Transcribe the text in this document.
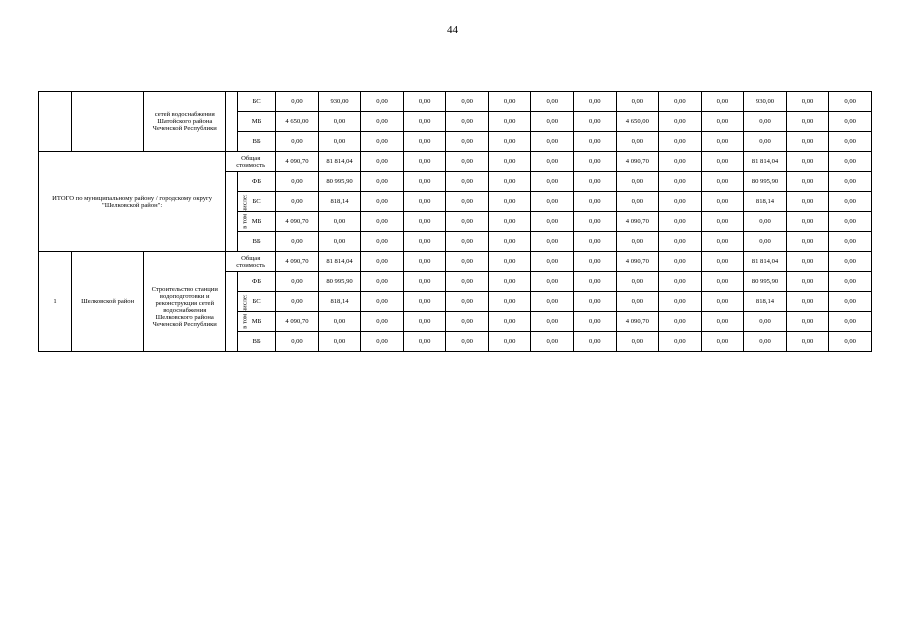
44
		сетей водоснабжения Шатойского района Чеченской Республики		БС	0,00	930,00	0,00	0,00	0,00	0,00	0,00	0,00	0,00	0,00	0,00	930,00	0,00	0,00
				МБ	4 650,00	0,00	0,00	0,00	0,00	0,00	0,00	0,00	4 650,00	0,00	0,00	0,00	0,00	0,00
				ВБ	0,00	0,00	0,00	0,00	0,00	0,00	0,00	0,00	0,00	0,00	0,00	0,00	0,00	0,00
ИТОГО по муниципальному району / городскому округу "Шелковской район":			Общая стоимость		4 090,70	81 814,04	0,00	0,00	0,00	0,00	0,00	0,00	4 090,70	0,00	0,00	81 814,04	0,00	0,00
			в том числе:	ФБ	0,00	80 995,90	0,00	0,00	0,00	0,00	0,00	0,00	0,00	0,00	0,00	80 995,90	0,00	0,00
				БС	0,00	818,14	0,00	0,00	0,00	0,00	0,00	0,00	0,00	0,00	0,00	818,14	0,00	0,00
				МБ	4 090,70	0,00	0,00	0,00	0,00	0,00	0,00	0,00	4 090,70	0,00	0,00	0,00	0,00	0,00
				ВБ	0,00	0,00	0,00	0,00	0,00	0,00	0,00	0,00	0,00	0,00	0,00	0,00	0,00	0,00
1	Шелковской район	Строительство станции водоподготовки и реконструкция сетей водоснабжения Шелковского района Чеченской Республики	Общая стоимость		4 090,70	81 814,04	0,00	0,00	0,00	0,00	0,00	0,00	4 090,70	0,00	0,00	81 814,04	0,00	0,00
			в том числе:	ФБ	0,00	80 995,90	0,00	0,00	0,00	0,00	0,00	0,00	0,00	0,00	0,00	80 995,90	0,00	0,00
				БС	0,00	818,14	0,00	0,00	0,00	0,00	0,00	0,00	0,00	0,00	0,00	818,14	0,00	0,00
				МБ	4 090,70	0,00	0,00	0,00	0,00	0,00	0,00	0,00	4 090,70	0,00	0,00	0,00	0,00	0,00
				ВБ	0,00	0,00	0,00	0,00	0,00	0,00	0,00	0,00	0,00	0,00	0,00	0,00	0,00	0,00
